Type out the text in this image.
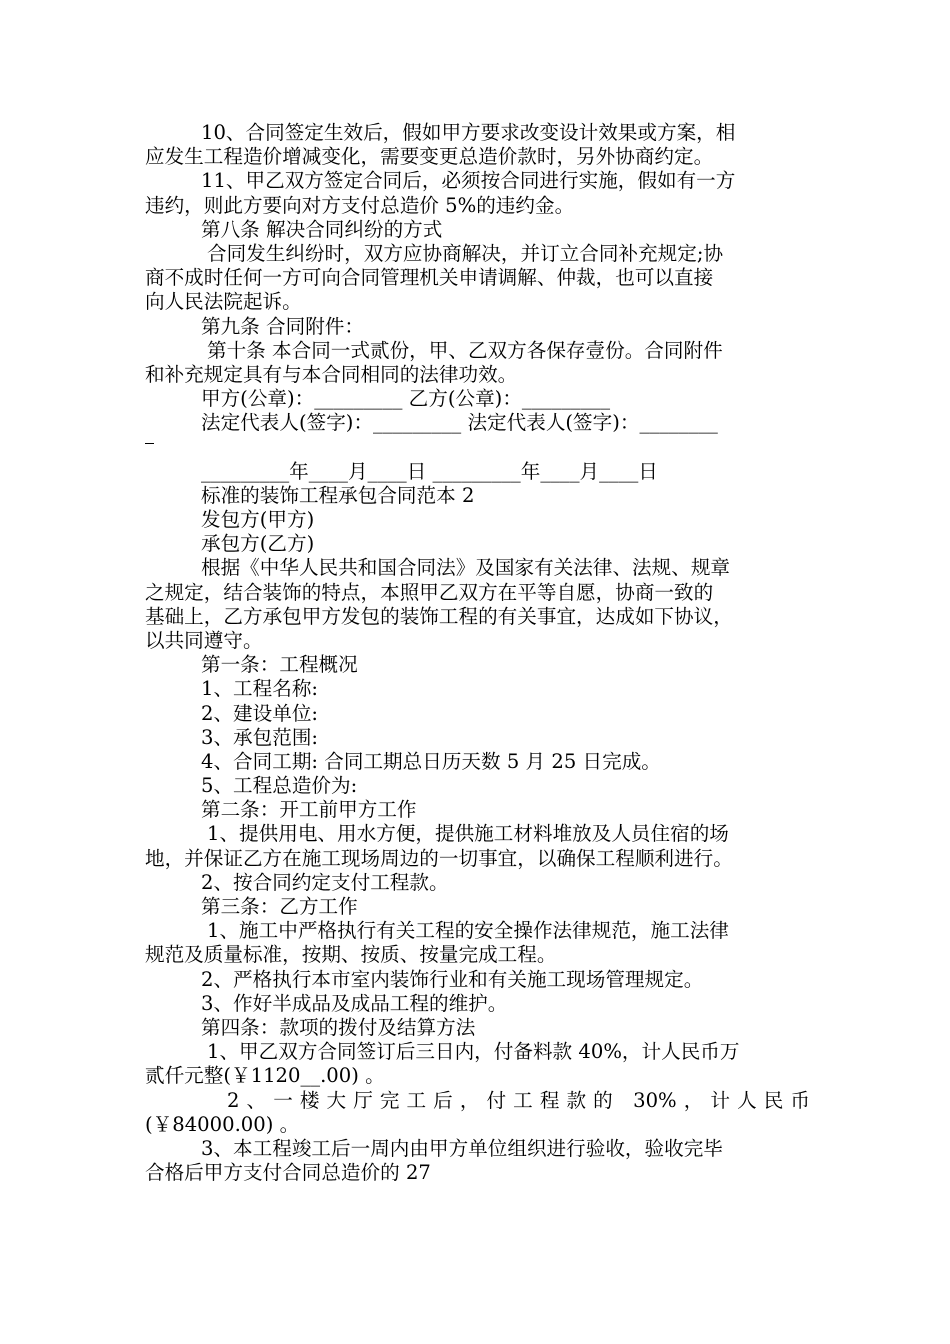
10、合同签定生效后，假如甲方要求改变设计效果或方案，相
应发生工程造价增减变化，需要变更总造价款时，另外协商约定。
11、甲乙双方签定合同后，必须按合同进行实施，假如有一方
违约，则此方要向对方支付总造价 5%的违约金。
第八条 解决合同纠纷的方式
合同发生纠纷时，双方应协商解决，并订立合同补充规定;协
商不成时任何一方可向合同管理机关申请调解、仲裁，也可以直接
向人民法院起诉。
第九条 合同附件：
第十条 本合同一式贰份，甲、乙双方各保存壹份。合同附件
和补充规定具有与本合同相同的法律功效。
甲方(公章)：_________ 乙方(公章)：_________
法定代表人(签字)：_________ 法定代表人(签字)：________
_________年____月____日 _________年____月____日
标准的装饰工程承包合同范本 2
发包方(甲方)
承包方(乙方)
根据《中华人民共和国合同法》及国家有关法律、法规、规章
之规定，结合装饰的特点，本照甲乙双方在平等自愿，协商一致的
基础上，乙方承包甲方发包的装饰工程的有关事宜，达成如下协议，
以共同遵守。
第一条：工程概况
1、工程名称:
2、建设单位:
3、承包范围:
4、合同工期: 合同工期总日历天数 5 月 25 日完成。
5、工程总造价为:
第二条：开工前甲方工作
1、提供用电、用水方便，提供施工材料堆放及人员住宿的场
地，并保证乙方在施工现场周边的一切事宜，以确保工程顺利进行。
2、按合同约定支付工程款。
第三条：乙方工作
1、施工中严格执行有关工程的安全操作法律规范，施工法律
规范及质量标准，按期、按质、按量完成工程。
2、严格执行本市室内装饰行业和有关施工现场管理规定。
3、作好半成品及成品工程的维护。
第四条：款项的拨付及结算方法
1、甲乙双方合同签订后三日内，付备料款 40%，计人民币万
贰仟元整(￥1120__.00) 。
2、一楼大厅完工后，付工程款的 30%，计人民币
(￥84000.00) 。
3、本工程竣工后一周内由甲方单位组织进行验收，验收完毕
合格后甲方支付合同总造价的 27
